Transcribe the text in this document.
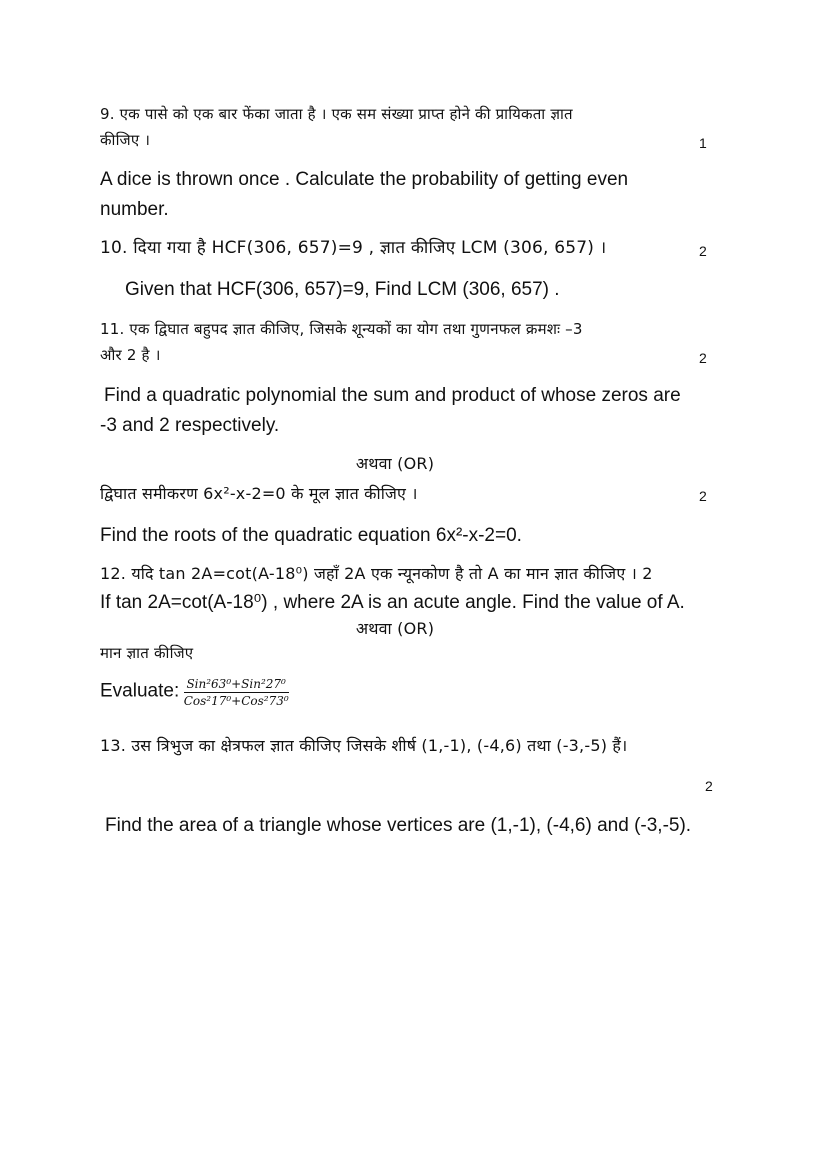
9. एक पासे को एक बार फेंका जाता है । एक सम संख्या प्राप्त होने की प्रायिकता ज्ञात
कीजिए ।	1
A dice is thrown once . Calculate the probability of getting even
number.
10. दिया गया है HCF(306, 657)=9 , ज्ञात कीजिए LCM (306, 657) ।	2
Given that HCF(306, 657)=9, Find LCM (306, 657) .
11. एक द्विघात बहुपद ज्ञात कीजिए, जिसके शून्यकों का योग तथा गुणनफल क्रमशः –3
और 2 है ।	2
Find a quadratic polynomial the sum and product of whose zeros are
-3 and 2 respectively.
अथवा (OR)
द्विघात समीकरण 6x²-x-2=0 के मूल ज्ञात कीजिए ।	2
Find the roots of the quadratic equation 6x²-x-2=0.
12. यदि tan 2A=cot(A-18⁰) जहाँ 2A एक न्यूनकोण है तो A का मान ज्ञात कीजिए । 2
If tan 2A=cot(A-18⁰) , where 2A is an acute angle. Find the value of A.
अथवा (OR)
मान ज्ञात कीजिए
Evaluate: $\frac{\text{Sin²63⁰+Sin²27⁰}}{\text{Cos²17⁰+Cos²73⁰}}$
13. उस त्रिभुज का क्षेत्रफल ज्ञात कीजिए जिसके शीर्ष (1,-1), (-4,6) तथा (-3,-5) हैं।
2
Find the area of a triangle whose vertices are (1,-1), (-4,6) and (-3,-5).
